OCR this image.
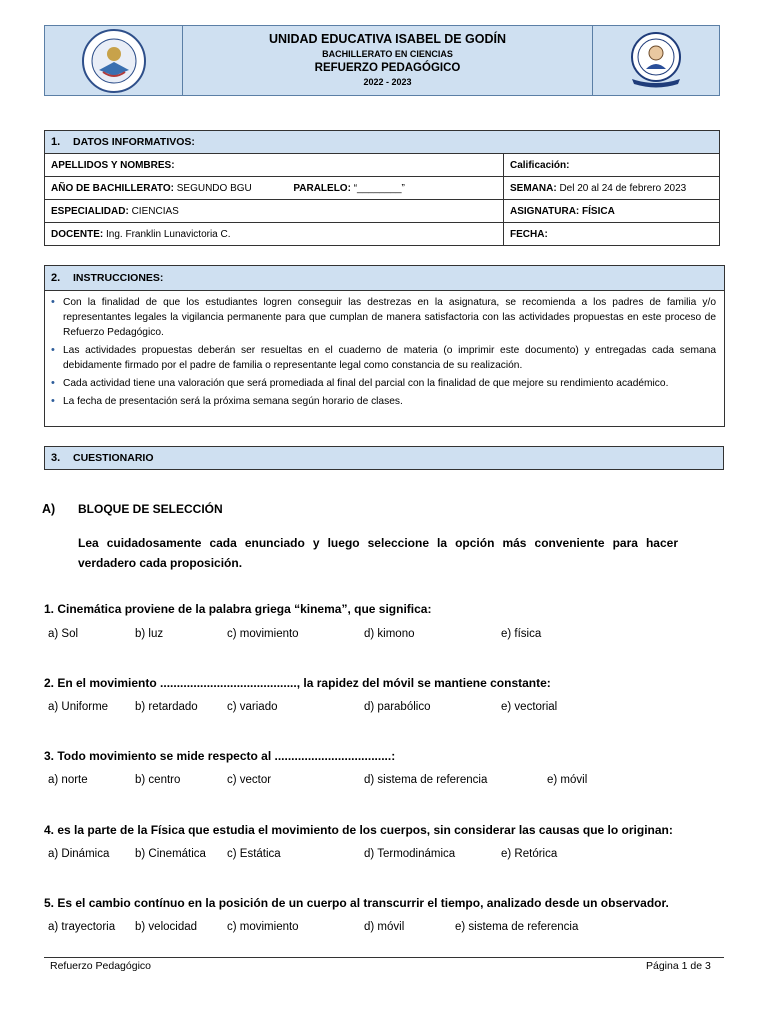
UNIDAD EDUCATIVA ISABEL DE GODÍN
BACHILLERATO EN CIENCIAS
REFUERZO PEDAGÓGICO
2022 - 2023
1. DATOS INFORMATIVOS:	
APELLIDOS Y NOMBRES:	Calificación:
AÑO DE BACHILLERATO: SEGUNDO BGU PARALELO: “________”	SEMANA: Del 20 al 24 de febrero 2023
ESPECIALIDAD: CIENCIAS	ASIGNATURA: FÍSICA
DOCENTE: Ing. Franklin Lunavictoria C.	FECHA:
2.	INSTRUCCIONES:
• Con la finalidad de que los estudiantes logren conseguir las destrezas en la asignatura, se recomienda a los padres de familia y/o representantes legales la vigilancia permanente para que cumplan de manera satisfactoria con las actividades propuestas en este proceso de Refuerzo Pedagógico.
• Las actividades propuestas deberán ser resueltas en el cuaderno de materia (o imprimir este documento) y entregadas cada semana debidamente firmado por el padre de familia o representante legal como constancia de su realización.
• Cada actividad tiene una valoración que será promediada al final del parcial con la finalidad de que mejore su rendimiento académico.
• La fecha de presentación será la próxima semana según horario de clases.
3.	CUESTIONARIO
A) BLOQUE DE SELECCIÓN
Lea cuidadosamente cada enunciado y luego seleccione la opción más conveniente para hacer verdadero cada proposición.
1. Cinemática proviene de la palabra griega “kinema”, que significa:
a) Sol	b) luz	c) movimiento	d) kimono	e) física
2. En el movimiento ........................................., la rapidez del móvil se mantiene constante:
a) Uniforme b) retardado	c) variado	d) parabólico	e) vectorial
3. Todo movimiento se mide respecto al ...................................:
a) norte	b) centro	c) vector	d) sistema de referencia	e) móvil
4. es la parte de la Física que estudia el movimiento de los cuerpos, sin considerar las causas que lo originan:
a) Dinámica b) Cinemática c) Estática	d) Termodinámica	e) Retórica
5. Es el cambio contínuo en la posición de un cuerpo al transcurrir el tiempo, analizado desde un observador.
a) trayectoria b) velocidad	c) movimiento	d) móvil	e) sistema de referencia
Refuerzo Pedagógico	Página 1 de 3
